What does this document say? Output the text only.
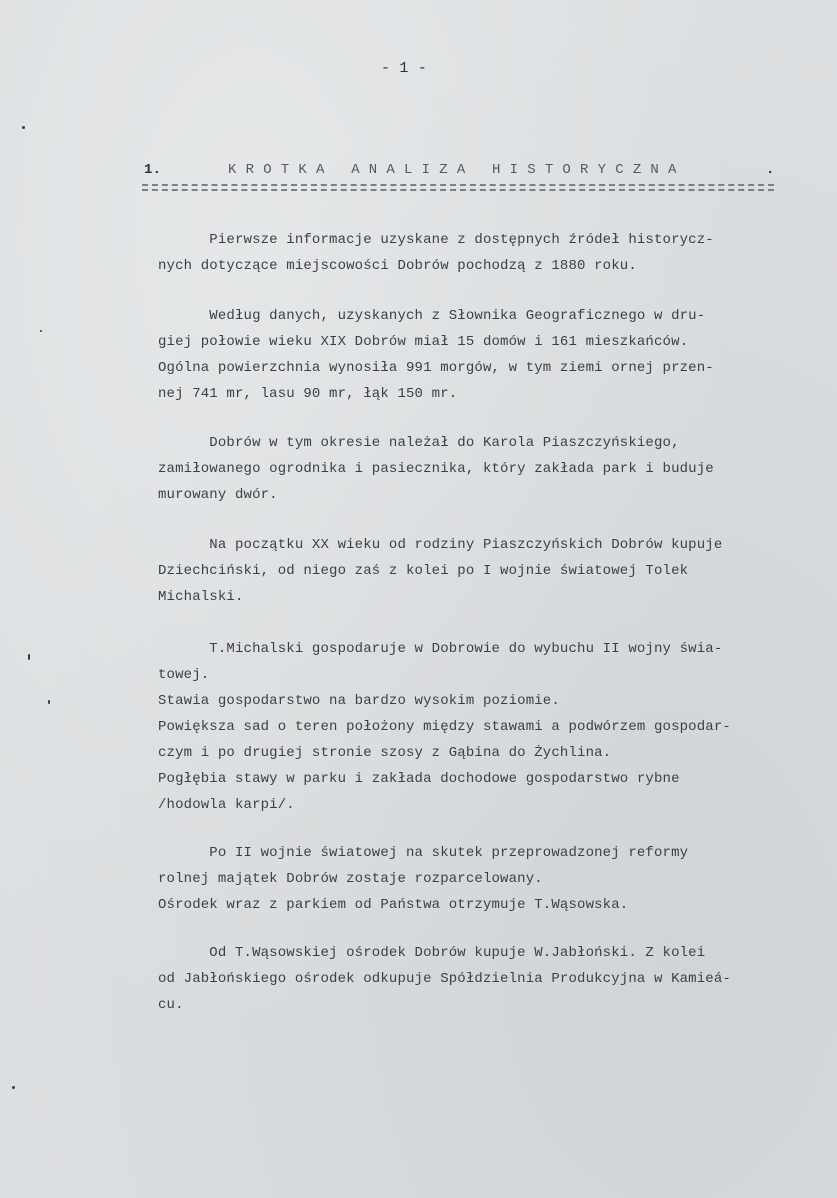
- 1 -
1.	KROTKA ANALIZA HISTORYCZNA	.
Pierwsze informacje uzyskane z dostępnych źródeł historycz-
nych dotyczące miejscowości Dobrów pochodzą z 1880 roku.
Według danych, uzyskanych z Słownika Geograficznego w dru-
giej połowie wieku XIX Dobrów miał 15 domów i 161 mieszkańców.
Ogólna powierzchnia wynosiła 991 morgów, w tym ziemi ornej przen-
nej 741 mr, lasu 90 mr, łąk 150 mr.
Dobrów w tym okresie należał do Karola Piaszczyńskiego,
zamiłowanego ogrodnika i pasiecznika, który zakłada park i buduje
murowany dwór.
Na początku XX wieku od rodziny Piaszczyńskich Dobrów kupuje
Dziechciński, od niego zaś z kolei po I wojnie światowej Tolek
Michalski.
T.Michalski gospodaruje w Dobrowie do wybuchu II wojny świa-
towej.
Stawia gospodarstwo na bardzo wysokim poziomie.
Powiększa sad o teren położony między stawami a podwórzem gospodar-
czym i po drugiej stronie szosy z Gąbina do Żychlina.
Pogłębia stawy w parku i zakłada dochodowe gospodarstwo rybne
/hodowla karpi/.
Po II wojnie światowej na skutek przeprowadzonej reformy
rolnej majątek Dobrów zostaje rozparcelowany.
Ośrodek wraz z parkiem od Państwa otrzymuje T.Wąsowska.
Od T.Wąsowskiej ośrodek Dobrów kupuje W.Jabłoński. Z kolei
od Jabłońskiego ośrodek odkupuje Spółdzielnia Produkcyjna w Kamieá-
cu.
